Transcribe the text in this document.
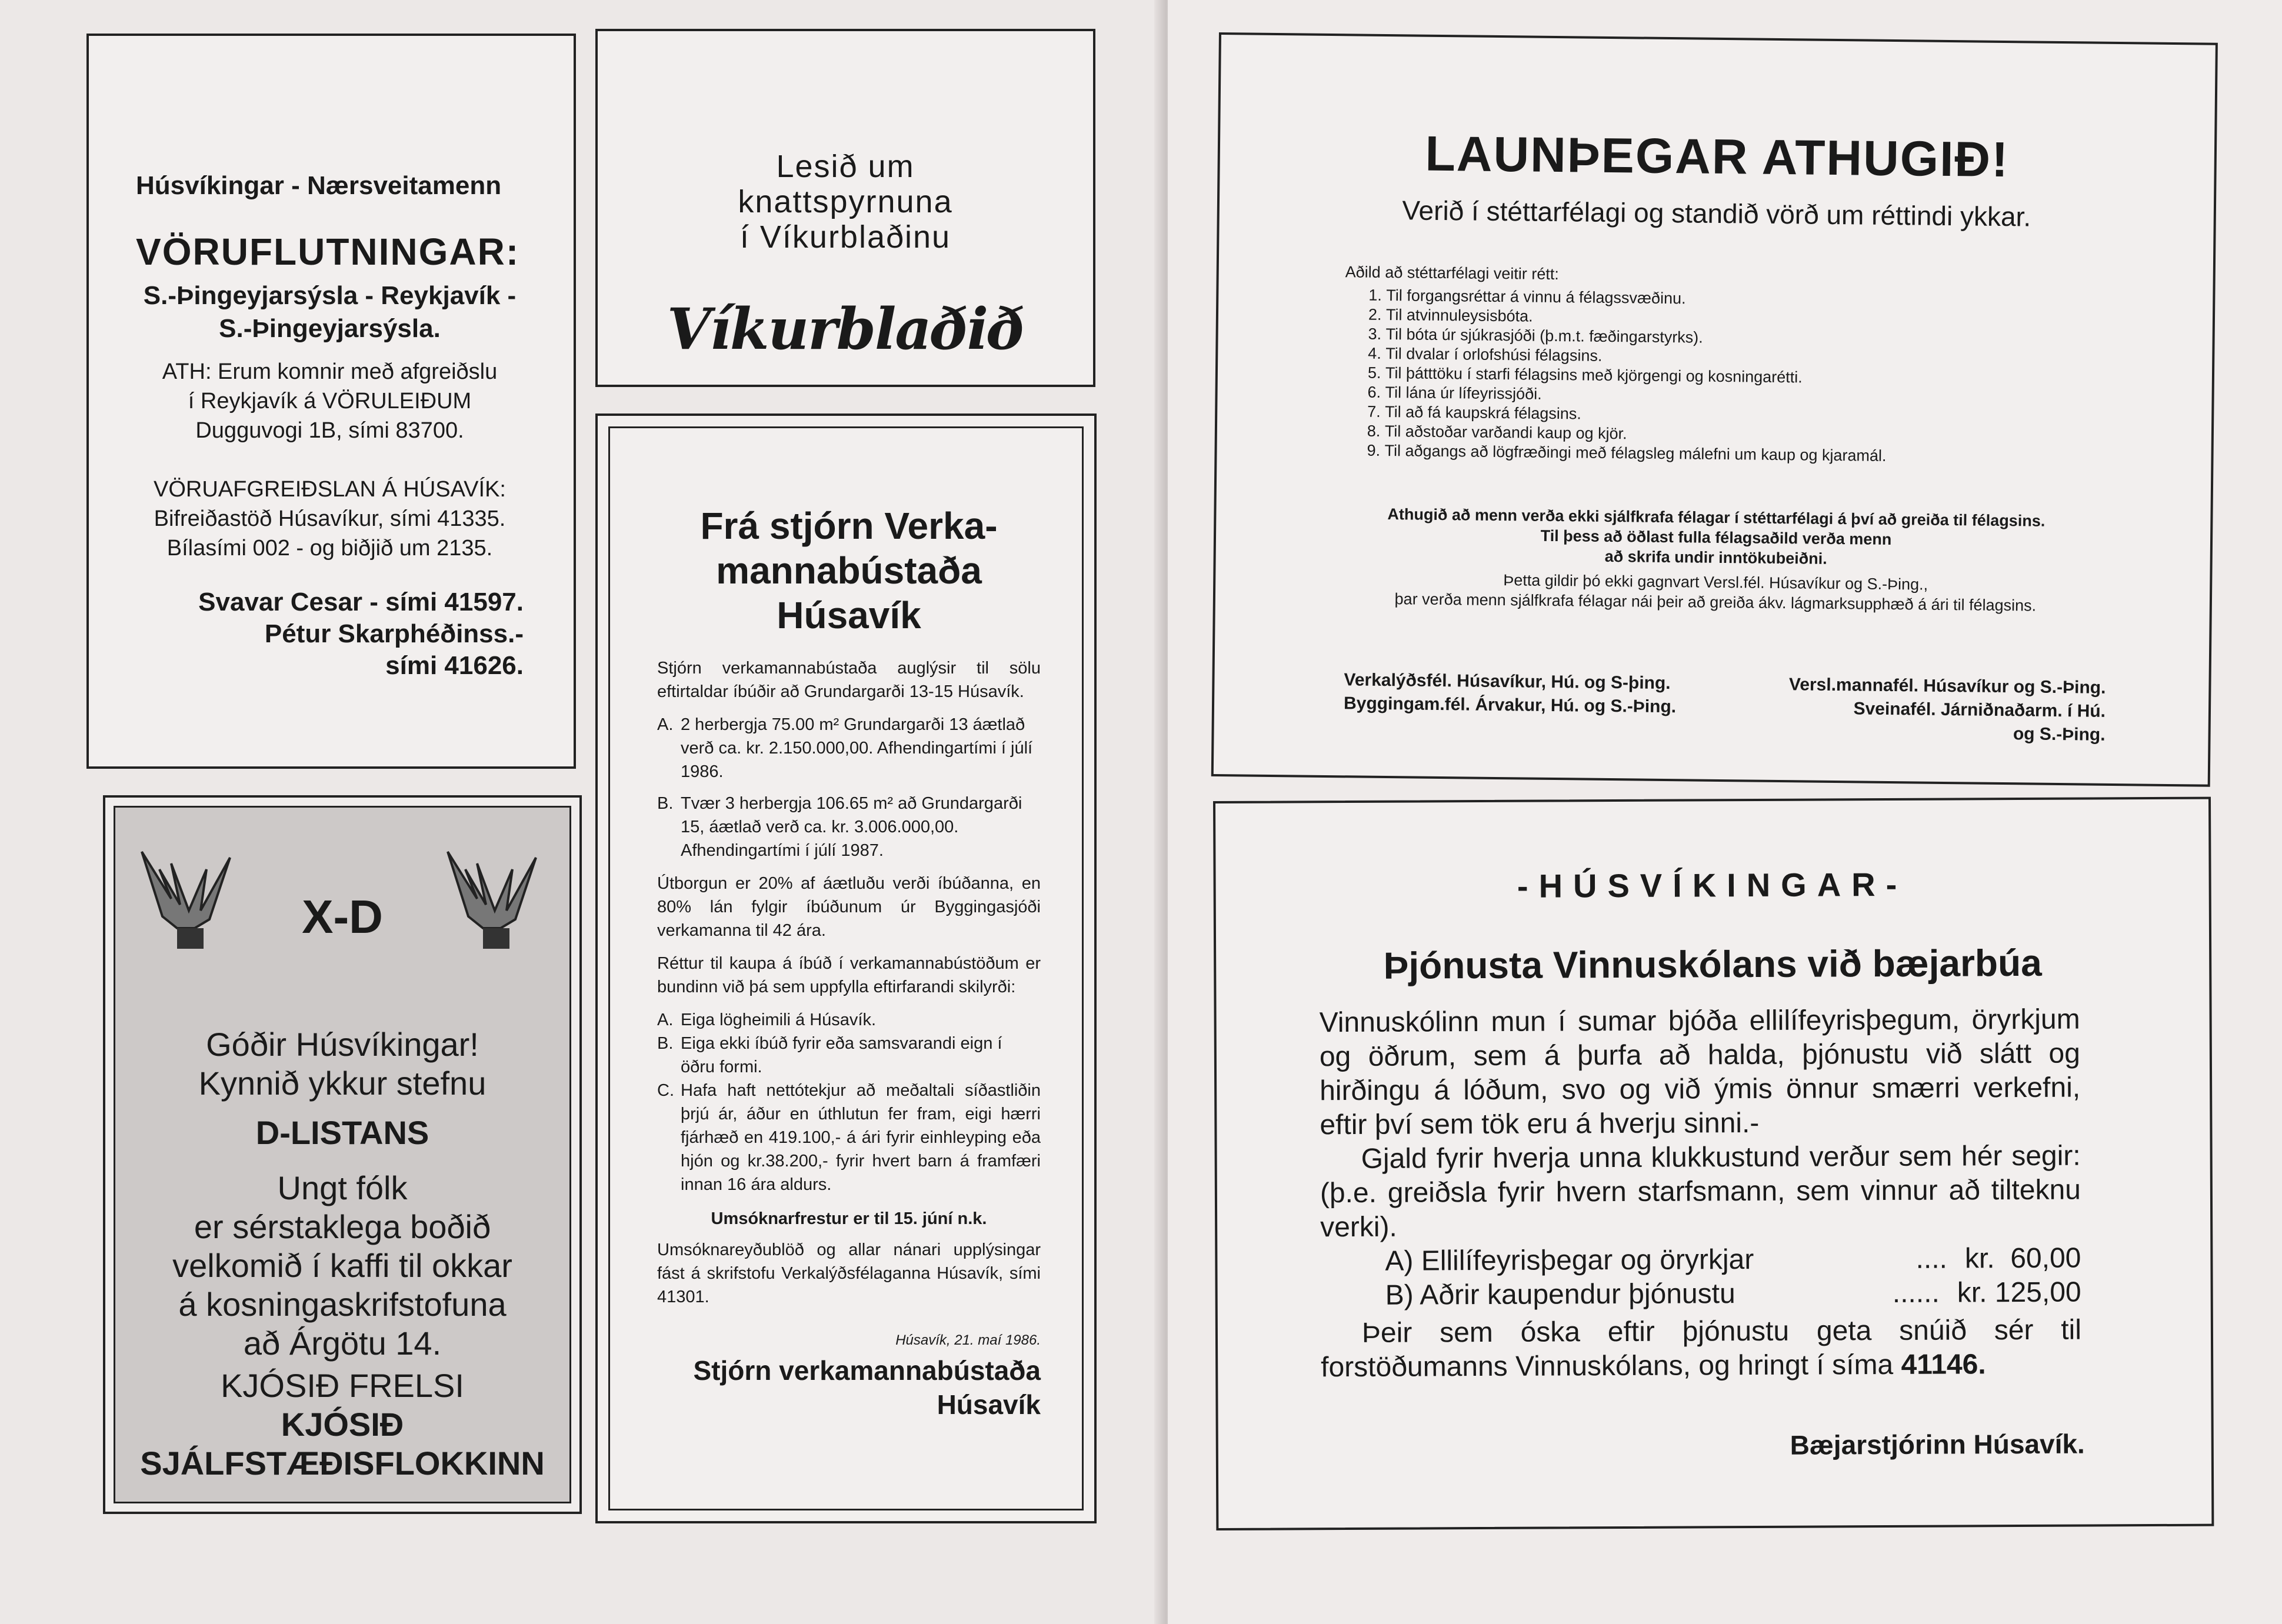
Húsvíkingar - Nærsveitamenn

VÖRUFLUTNINGAR:

S.-Þingeyjarsýsla - Reykjavík -

S.-Þingeyjarsýsla.

ATH: Erum komnir með afgreiðslu

í Reykjavík á VÖRULEIÐUM

Dugguvogi 1B, sími 83700.

VÖRUAFGREIÐSLAN Á HÚSAVÍK:

Bifreiðastöð Húsavíkur, sími 41335.

Bílasími 002 - og biðjið um 2135.

Svavar Cesar - sími 41597.

Pétur Skarphéðinss.-

sími 41626.

Lesið um

knattspyrnuna

í Víkurblaðinu

Víkurblaðið
X-D

Góðir Húsvíkingar!

Kynnið ykkur stefnu

D-LISTANS

Ungt fólk

er sérstaklega boðið

velkomið í kaffi til okkar

á kosningaskrifstofuna

að Árgötu 14.

KJÓSIÐ FRELSI

KJÓSIÐ

SJÁLFSTÆÐISFLOKKINN

Frá stjórn Verka-mannabústaða Húsavík

Stjórn verkamannabústaða auglýsir til sölu eftirtaldar íbúðir að Grundargarði 13-15 Húsavík.

A. 2 herbergja 75.00 m² Grundargarði 13 áætlað verð ca. kr. 2.150.000,00. Afhendingartími í júlí 1986.
B. Tvær 3 herbergja 106.65 m² að Grundargarði 15, áætlað verð ca. kr. 3.006.000,00. Afhendingartími í júlí 1987.

Útborgun er 20% af áætluðu verði íbúðanna, en 80% lán fylgir íbúðunum úr Byggingasjóði verkamanna til 42 ára.

Réttur til kaupa á íbúð í verkamannabústöðum er bundinn við þá sem uppfylla eftirfarandi skilyrði:

A. Eiga lögheimili á Húsavík.
B. Eiga ekki íbúð fyrir eða samsvarandi eign í öðru formi.
C. Hafa haft nettótekjur að meðaltali síðastliðin þrjú ár, áður en úthlutun fer fram, eigi hærri fjárhæð en 419.100,- á ári fyrir einhleyping eða hjón og kr.38.200,- fyrir hvert barn á framfæri innan 16 ára aldurs.

Umsóknarfrestur er til 15. júní n.k.

Umsóknareyðublöð og allar nánari upplýsingar fást á skrifstofu Verkalýðsfélaganna Húsavík, sími 41301.

Húsavík, 21. maí 1986.

Stjórn verkamannabústaða

Húsavík

LAUNÞEGAR ATHUGIÐ!
Verið í stéttarfélagi og standið vörð um réttindi ykkar.

Aðild að stéttarfélagi veitir rétt:

1. Til forgangsréttar á vinnu á félagssvæðinu.
2. Til atvinnuleysisbóta.
3. Til bóta úr sjúkrasjóði (þ.m.t. fæðingarstyrks).
4. Til dvalar í orlofshúsi félagsins.
5. Til þátttöku í starfi félagsins með kjörgengi og kosningarétti.
6. Til lána úr lífeyrissjóði.
7. Til að fá kaupskrá félagsins.
8. Til aðstoðar varðandi kaup og kjör.
9. Til aðgangs að lögfræðingi með félagsleg málefni um kaup og kjaramál.

Athugið að menn verða ekki sjálfkrafa félagar í stéttarfélagi á því að greiða til félagsins.

Til þess að öðlast fulla félagsaðild verða menn

að skrifa undir inntökubeiðni.

Þetta gildir þó ekki gagnvart Versl.fél. Húsavíkur og S.-Þing.,

þar verða menn sjálfkrafa félagar nái þeir að greiða ákv. lágmarksupphæð á ári til félagsins.

Verkalýðsfél. Húsavíkur, Hú. og S-þing.

Byggingam.fél. Árvakur, Hú. og S.-Þing.

Versl.mannafél. Húsavíkur og S.-Þing.

Sveinafél. Járniðnaðarm. í Hú.

og S.-Þing.

-HÚSVÍKINGAR-
Þjónusta Vinnuskólans við bæjarbúa

Vinnuskólinn mun í sumar bjóða ellilífeyrisþegum, öryrkjum og öðrum, sem á þurfa að halda, þjónustu við slátt og hirðingu á lóðum, svo og við ýmis önnur smærri verkefni, eftir því sem tök eru á hverju sinni.-

Gjald fyrir hverja unna klukkustund verður sem hér segir: (þ.e. greiðsla fyrir hvern starfsmann, sem vinnur að tilteknu verki).

A) Ellilífeyrisþegar og öryrkjar	.... kr.  60,00
B) Aðrir kaupendur þjónustu	...... kr. 125,00

Þeir sem óska eftir þjónustu geta snúið sér til forstöðumanns Vinnuskólans, og hringt í síma 41146.

Bæjarstjórinn Húsavík.
